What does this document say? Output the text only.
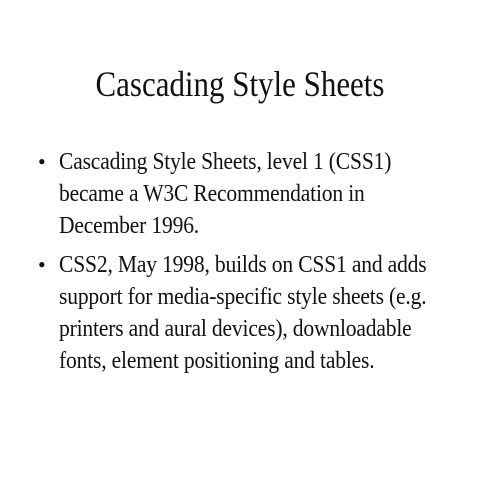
Cascading Style Sheets
• Cascading Style Sheets, level 1 (CSS1)
became a W3C Recommendation in
December 1996.
• CSS2, May 1998, builds on CSS1 and adds
support for media-specific style sheets (e.g.
printers and aural devices), downloadable
fonts, element positioning and tables.
